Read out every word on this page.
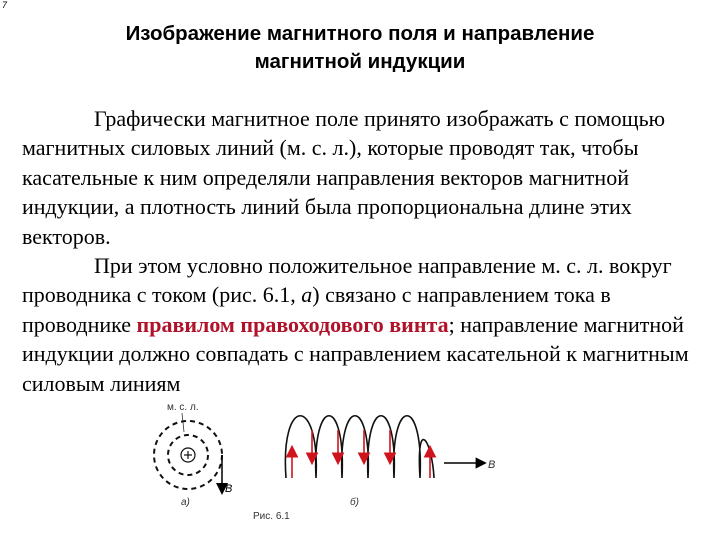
7
Изображение магнитного поля и направление
магнитной индукции

Графически магнитное поле принято изображать с помощью магнитных силовых линий (м. с. л.), которые проводят так, чтобы касательные к ним определяли направления векторов магнитной индукции, а плотность линий была пропорциональна длине этих векторов.

При этом условно положительное направление м. с. л. вокруг проводника с током (рис. 6.1, а) связано с направлением тока в проводнике правилом правоходового винта; направление магнитной индукции должно совпадать с направлением касательной к магнитным силовым линиям

м. с. л.
B
а)
B
б)
Рис. 6.1
